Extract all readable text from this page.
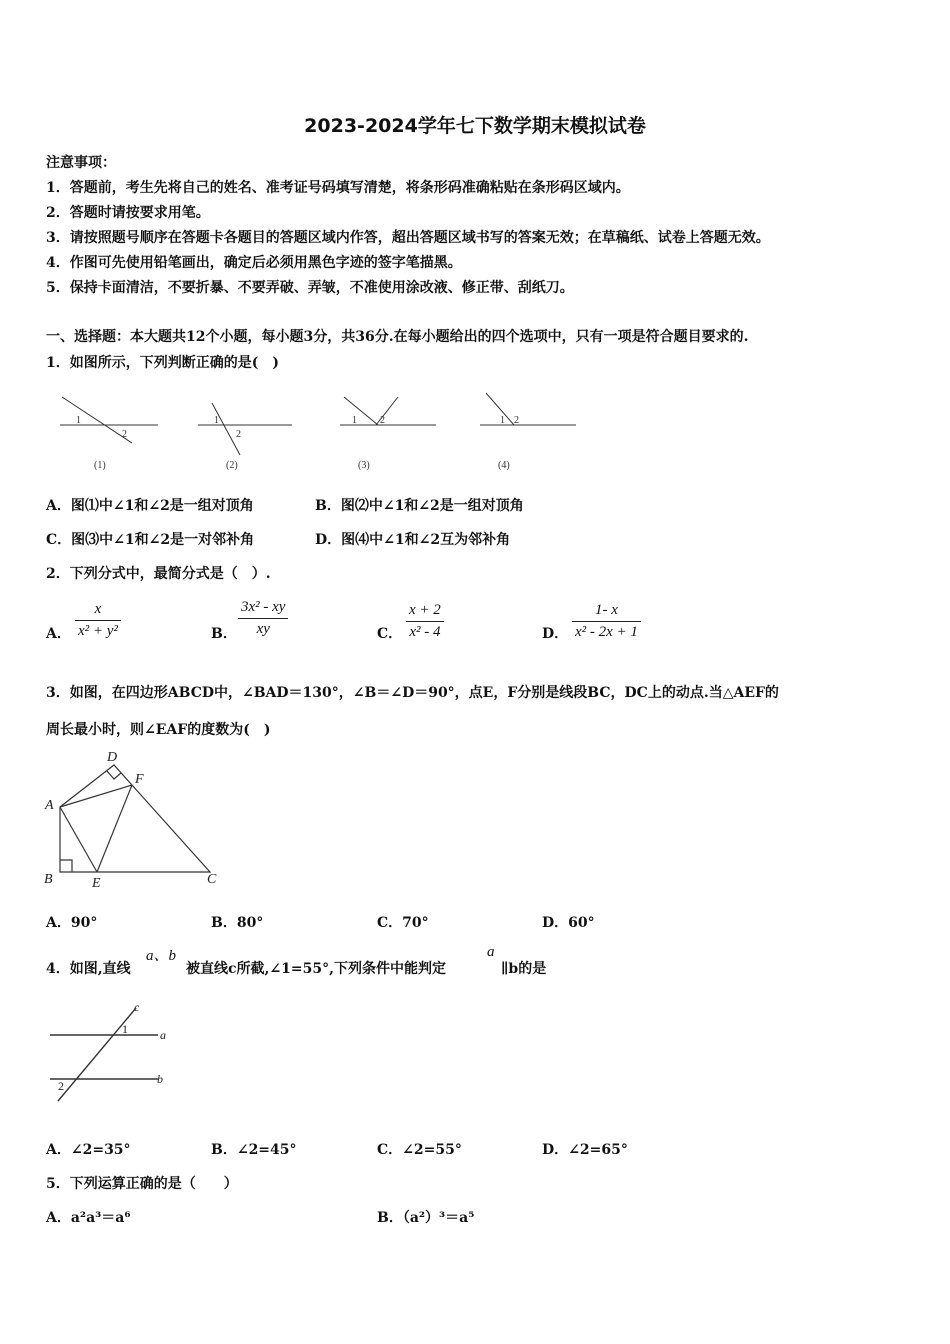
2023-2024学年七下数学期末模拟试卷
注意事项：
1．答题前，考生先将自己的姓名、准考证号码填写清楚，将条形码准确粘贴在条形码区域内。
2．答题时请按要求用笔。
3．请按照题号顺序在答题卡各题目的答题区域内作答，超出答题区域书写的答案无效；在草稿纸、试卷上答题无效。
4．作图可先使用铅笔画出，确定后必须用黑色字迹的签字笔描黑。
5．保持卡面清洁，不要折暴、不要弄破、弄皱，不准使用涂改液、修正带、刮纸刀。
一、选择题：本大题共12个小题，每小题3分，共36分.在每小题给出的四个选项中，只有一项是符合题目要求的.
1．如图所示，下列判断正确的是(　)
1
2
1
2
1 2	1 2
(1)	(2)	(3)	(4)
A．图⑴中∠1和∠2是一组对顶角	B．图⑵中∠1和∠2是一组对顶角
C．图⑶中∠1和∠2是一对邻补角	D．图⑷中∠1和∠2互为邻补角
2．下列分式中，最简分式是（　）.
A．
x
x² + y²	B．
3x² - xy
xy	C．
x + 2
x² - 4	D．
1- x
x² - 2x + 1
3．如图，在四边形ABCD中，∠BAD＝130°，∠B＝∠D＝90°，点E，F分别是线段BC，DC上的动点.当△AEF的
周长最小时，则∠EAF的度数为(　)
D
F
A
B	E	C
A．90°	B．80°	C．70°	D．60°
4．如图,直线
a、b
被直线c所截,∠1=55°,下列条件中能判定
a
∥b的是
c
a
b
1
2
A．∠2=35°	B．∠2=45°	C．∠2=55°	D．∠2=65°
5．下列运算正确的是（　　）
A．a²a³＝a⁶	B．（a²）³＝a⁵
